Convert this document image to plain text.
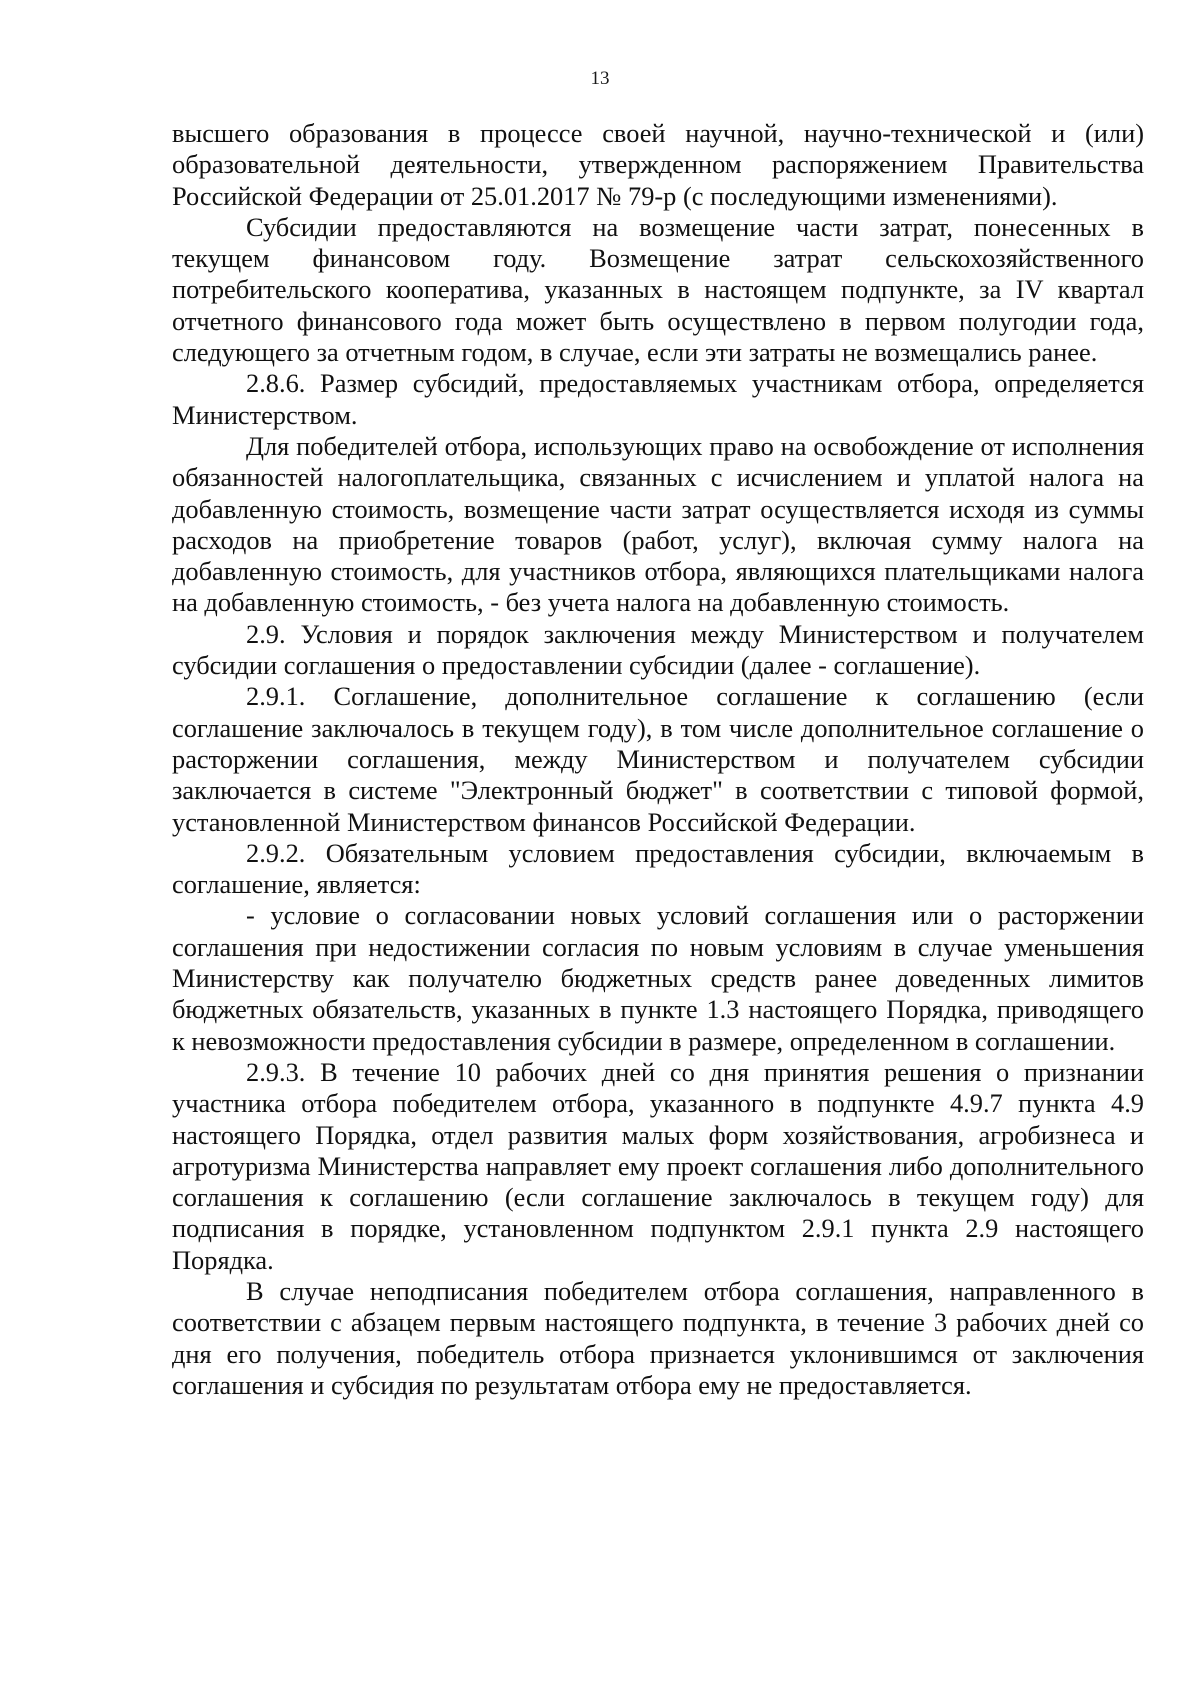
13

высшего образования в процессе своей научной, научно-технической и (или) образовательной деятельности, утвержденном распоряжением Правительства Российской Федерации от 25.01.2017 № 79-р (с последующими изменениями).

Субсидии предоставляются на возмещение части затрат, понесенных в текущем финансовом году. Возмещение затрат сельскохозяйственного потребительского кооператива, указанных в настоящем подпункте, за IV квартал отчетного финансового года может быть осуществлено в первом полугодии года, следующего за отчетным годом, в случае, если эти затраты не возмещались ранее.

2.8.6. Размер субсидий, предоставляемых участникам отбора, определяется Министерством.

Для победителей отбора, использующих право на освобождение от исполнения обязанностей налогоплательщика, связанных с исчислением и уплатой налога на добавленную стоимость, возмещение части затрат осуществляется исходя из суммы расходов на приобретение товаров (работ, услуг), включая сумму налога на добавленную стоимость, для участников отбора, являющихся плательщиками налога на добавленную стоимость, - без учета налога на добавленную стоимость.

2.9. Условия и порядок заключения между Министерством и получателем субсидии соглашения о предоставлении субсидии (далее - соглашение).

2.9.1. Соглашение, дополнительное соглашение к соглашению (если соглашение заключалось в текущем году), в том числе дополнительное соглашение о расторжении соглашения, между Министерством и получателем субсидии заключается в системе "Электронный бюджет" в соответствии с типовой формой, установленной Министерством финансов Российской Федерации.

2.9.2. Обязательным условием предоставления субсидии, включаемым в соглашение, является:

- условие о согласовании новых условий соглашения или о расторжении соглашения при недостижении согласия по новым условиям в случае уменьшения Министерству как получателю бюджетных средств ранее доведенных лимитов бюджетных обязательств, указанных в пункте 1.3 настоящего Порядка, приводящего к невозможности предоставления субсидии в размере, определенном в соглашении.

2.9.3. В течение 10 рабочих дней со дня принятия решения о признании участника отбора победителем отбора, указанного в подпункте 4.9.7 пункта 4.9 настоящего Порядка, отдел развития малых форм хозяйствования, агробизнеса и агротуризма Министерства направляет ему проект соглашения либо дополнительного соглашения к соглашению (если соглашение заключалось в текущем году) для подписания в порядке, установленном подпунктом 2.9.1 пункта 2.9 настоящего Порядка.

В случае неподписания победителем отбора соглашения, направленного в соответствии с абзацем первым настоящего подпункта, в течение 3 рабочих дней со дня его получения, победитель отбора признается уклонившимся от заключения соглашения и субсидия по результатам отбора ему не предоставляется.
